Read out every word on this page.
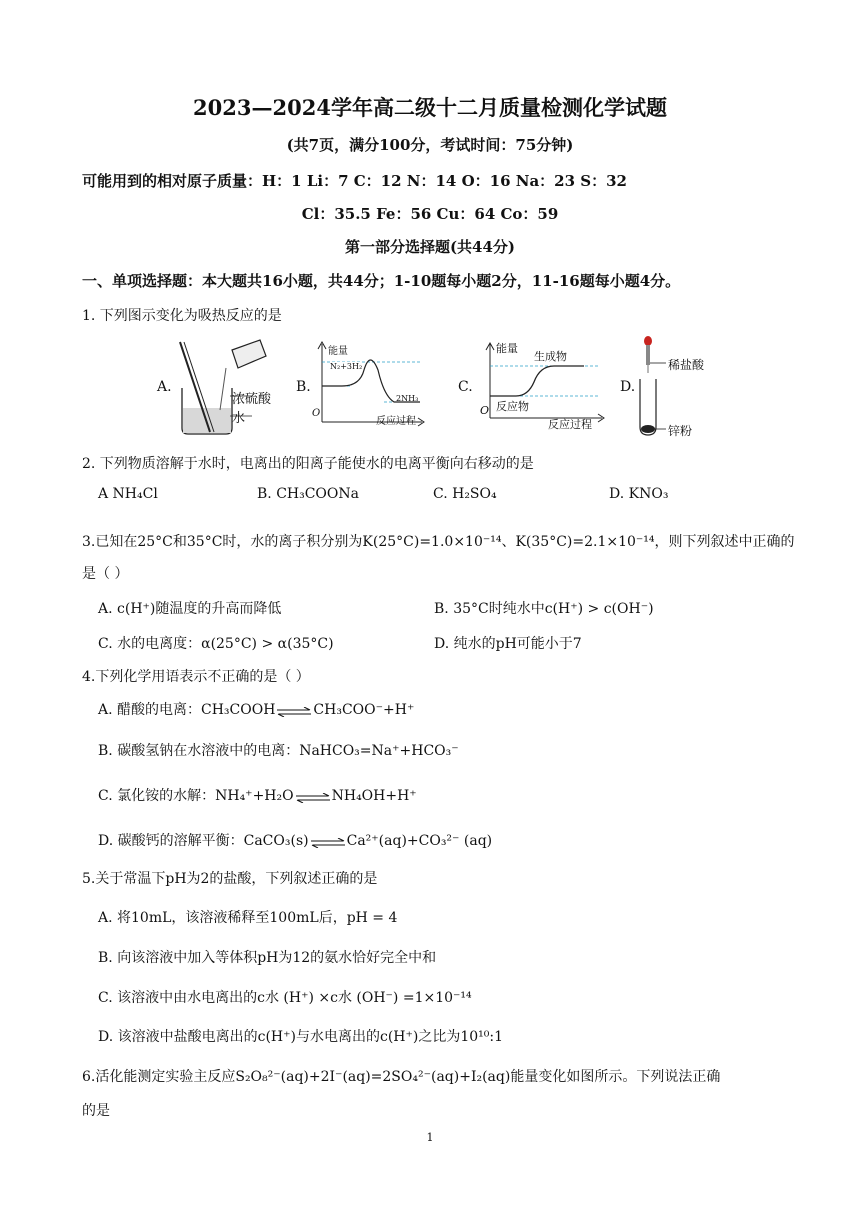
2023—2024学年高二级十二月质量检测化学试题
(共7页，满分100分，考试时间：75分钟)
可能用到的相对原子质量：H：1 Li：7 C：12 N：14 O：16 Na：23 S：32
Cl：35.5 Fe：56 Cu：64 Co：59
第一部分选择题(共44分)
一、单项选择题：本大题共16小题，共44分；1-10题每小题2分，11-16题每小题4分。
1. 下列图示变化为吸热反应的是
A.
浓硫酸
水
B.
能量
N₂+3H₂
2NH₃
O
反应过程
C.
能量
生成物
反应物
O
反应过程
D.
稀盐酸
锌粉
2. 下列物质溶解于水时，电离出的阳离子能使水的电离平衡向右移动的是
A NH₄Cl	B. CH₃COONa	C. H₂SO₄	D. KNO₃
3.已知在25°C和35°C时，水的离子积分别为K(25°C)=1.0×10⁻¹⁴、K(35°C)=2.1×10⁻¹⁴，则下列叙述中正确的
是（ ）
A. c(H⁺)随温度的升高而降低	B. 35°C时纯水中c(H⁺) > c(OH⁻)
C. 水的电离度：α(25°C) > α(35°C)	D. 纯水的pH可能小于7
4.下列化学用语表示不正确的是（ ）
A. 醋酸的电离：CH₃COOH ⇌ CH₃COO⁻+H⁺
B. 碳酸氢钠在水溶液中的电离：NaHCO₃=Na⁺+HCO₃⁻
C. 氯化铵的水解：NH₄⁺+H₂O ⇌ NH₄OH+H⁺
D. 碳酸钙的溶解平衡：CaCO₃(s) ⇌ Ca²⁺(aq)+CO₃²⁻ (aq)
5.关于常温下pH为2的盐酸，下列叙述正确的是
A. 将10mL，该溶液稀释至100mL后，pH = 4
B. 向该溶液中加入等体积pH为12的氨水恰好完全中和
C. 该溶液中由水电离出的c水 (H⁺) ×c水 (OH⁻) =1×10⁻¹⁴
D. 该溶液中盐酸电离出的c(H⁺)与水电离出的c(H⁺)之比为10¹⁰:1
6.活化能测定实验主反应S₂O₈²⁻(aq)+2I⁻(aq)=2SO₄²⁻(aq)+I₂(aq)能量变化如图所示。下列说法正确
的是
1
